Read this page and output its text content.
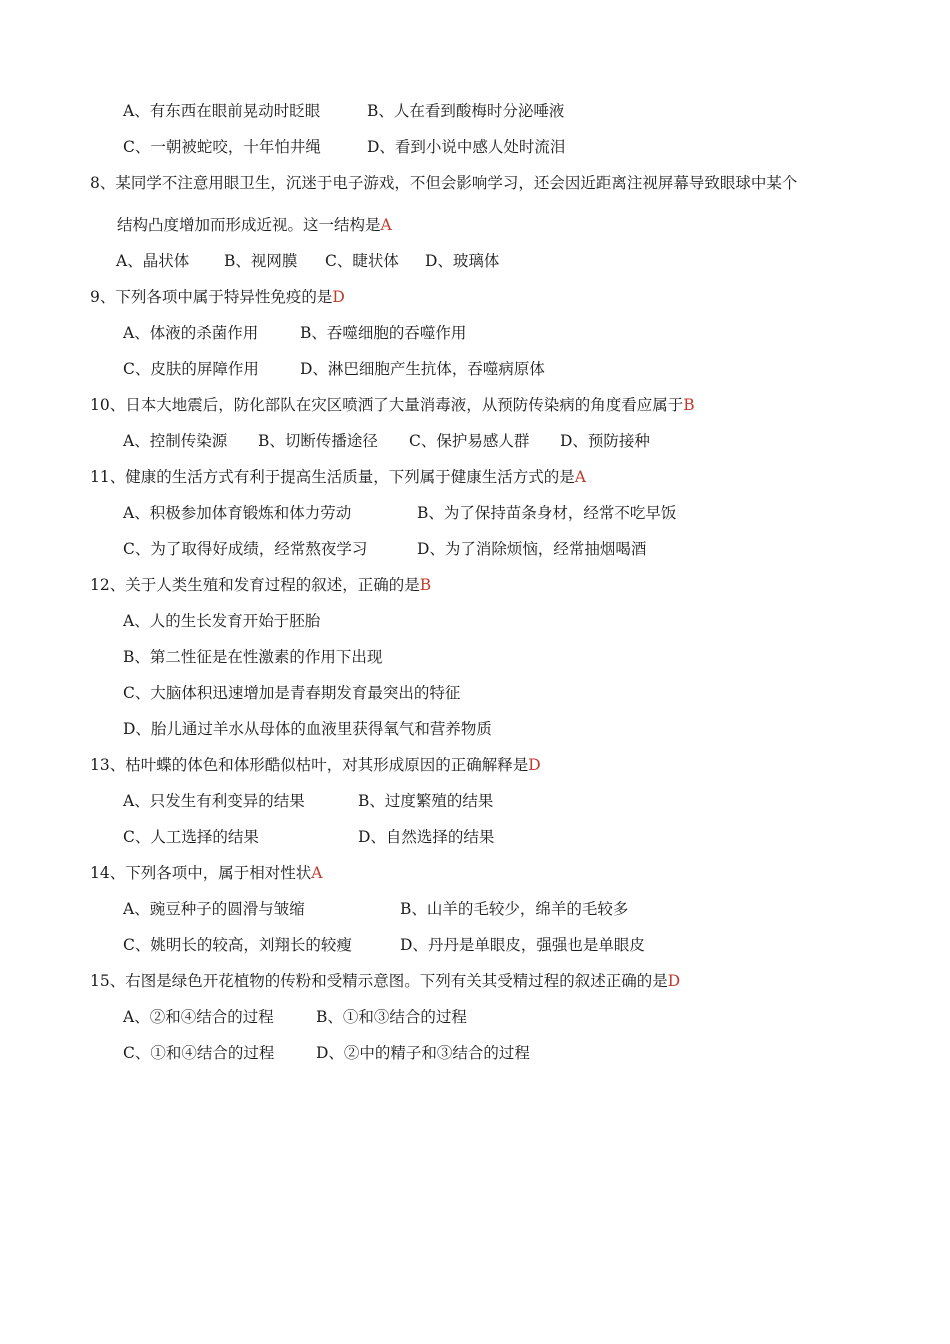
A、有东西在眼前晃动时眨眼	B、人在看到酸梅时分泌唾液
C、一朝被蛇咬，十年怕井绳	D、看到小说中感人处时流泪
8、某同学不注意用眼卫生，沉迷于电子游戏，不但会影响学习，还会因近距离注视屏幕导致眼球中某个
结构凸度增加而形成近视。这一结构是A
A、晶状体 B、视网膜 C、睫状体 D、玻璃体
9、下列各项中属于特异性免疫的是D
A、体液的杀菌作用	B、吞噬细胞的吞噬作用
C、皮肤的屏障作用	D、淋巴细胞产生抗体，吞噬病原体
10、日本大地震后，防化部队在灾区喷洒了大量消毒液，从预防传染病的角度看应属于B
A、控制传染源 B、切断传播途径 C、保护易感人群 D、预防接种
11、健康的生活方式有利于提高生活质量，下列属于健康生活方式的是A
A、积极参加体育锻炼和体力劳动	B、为了保持苗条身材，经常不吃早饭
C、为了取得好成绩，经常熬夜学习	D、为了消除烦恼，经常抽烟喝酒
12、关于人类生殖和发育过程的叙述，正确的是B
A、人的生长发育开始于胚胎
B、第二性征是在性激素的作用下出现
C、大脑体积迅速增加是青春期发育最突出的特征
D、胎儿通过羊水从母体的血液里获得氧气和营养物质
13、枯叶蝶的体色和体形酷似枯叶，对其形成原因的正确解释是D
A、只发生有利变异的结果	B、过度繁殖的结果
C、人工选择的结果	D、自然选择的结果
14、下列各项中，属于相对性状A
A、豌豆种子的圆滑与皱缩	B、山羊的毛较少，绵羊的毛较多
C、姚明长的较高，刘翔长的较瘦	D、丹丹是单眼皮，强强也是单眼皮
15、右图是绿色开花植物的传粉和受精示意图。下列有关其受精过程的叙述正确的是D
A、②和④结合的过程	B、①和③结合的过程
C、①和④结合的过程	D、②中的精子和③结合的过程
